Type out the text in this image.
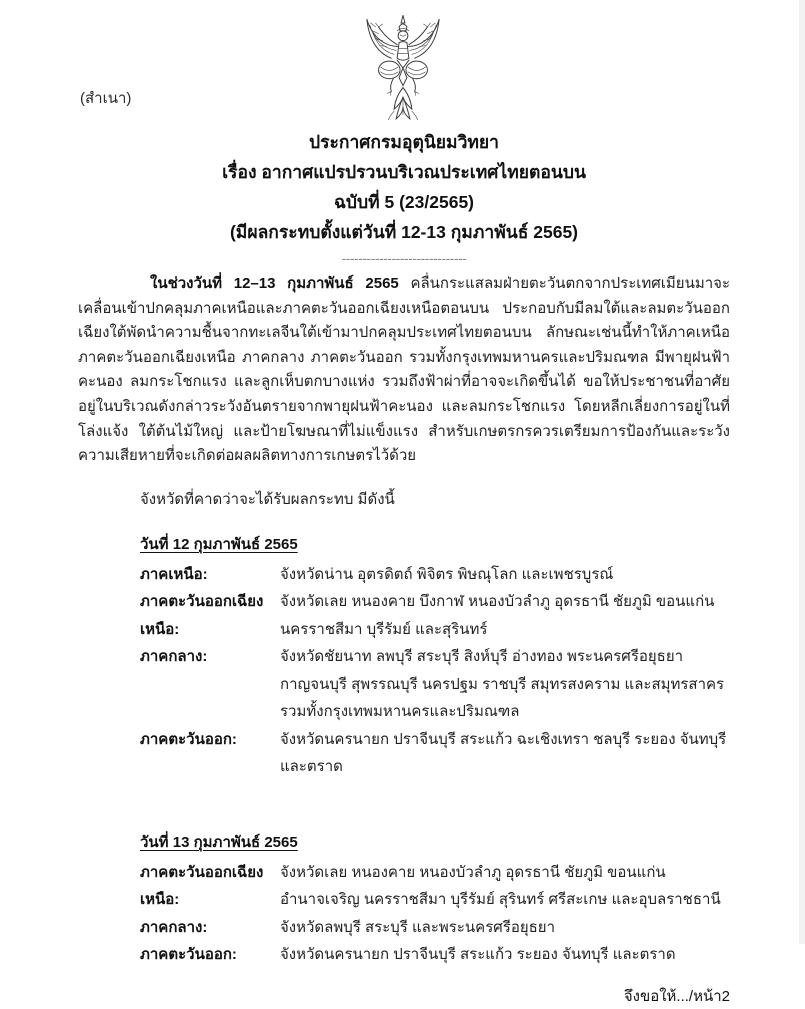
(สำเนา)
ประกาศกรมอุตุนิยมวิทยา
เรื่อง อากาศแปรปรวนบริเวณประเทศไทยตอนบน
ฉบับที่ 5 (23/2565)
(มีผลกระทบตั้งแต่วันที่ 12-13 กุมภาพันธ์ 2565)
------------------------------

ในช่วงวันที่ 12–13 กุมภาพันธ์ 2565 คลื่นกระแสลมฝ่ายตะวันตกจากประเทศเมียนมาจะเคลื่อนเข้าปกคลุมภาคเหนือและภาคตะวันออกเฉียงเหนือตอนบน ประกอบกับมีลมใต้และลมตะวันออกเฉียงใต้พัดนำความชื้นจากทะเลจีนใต้เข้ามาปกคลุมประเทศไทยตอนบน ลักษณะเช่นนี้ทำให้ภาคเหนือ ภาคตะวันออกเฉียงเหนือ ภาคกลาง ภาคตะวันออก รวมทั้งกรุงเทพมหานครและปริมณฑล มีพายุฝนฟ้าคะนอง ลมกระโชกแรง และลูกเห็บตกบางแห่ง รวมถึงฟ้าผ่าที่อาจจะเกิดขึ้นได้ ขอให้ประชาชนที่อาศัยอยู่ในบริเวณดังกล่าวระวังอันตรายจากพายุฝนฟ้าคะนอง และลมกระโชกแรง โดยหลีกเลี่ยงการอยู่ในที่โล่งแจ้ง ใต้ต้นไม้ใหญ่ และป้ายโฆษณาที่ไม่แข็งแรง สำหรับเกษตรกรควรเตรียมการป้องกันและระวังความเสียหายที่จะเกิดต่อผลผลิตทางการเกษตรไว้ด้วย

จังหวัดที่คาดว่าจะได้รับผลกระทบ มีดังนี้
วันที่ 12 กุมภาพันธ์ 2565
ภาคเหนือ:	จังหวัดน่าน อุตรดิตถ์ พิจิตร พิษณุโลก และเพชรบูรณ์
ภาคตะวันออกเฉียงเหนือ:
จังหวัดเลย หนองคาย บึงกาฬ หนองบัวลำภู อุดรธานี ชัยภูมิ ขอนแก่น นครราชสีมา บุรีรัมย์ และสุรินทร์
ภาคกลาง:	จังหวัดชัยนาท ลพบุรี สระบุรี สิงห์บุรี อ่างทอง พระนครศรีอยุธยา กาญจนบุรี สุพรรณบุรี นครปฐม ราชบุรี สมุทรสงคราม และสมุทรสาคร รวมทั้งกรุงเทพมหานครและปริมณฑล
ภาคตะวันออก:	จังหวัดนครนายก ปราจีนบุรี สระแก้ว ฉะเชิงเทรา ชลบุรี ระยอง จันทบุรี และตราด
วันที่ 13 กุมภาพันธ์ 2565
ภาคตะวันออกเฉียงเหนือ:
จังหวัดเลย หนองคาย หนองบัวลำภู อุดรธานี ชัยภูมิ ขอนแก่น อำนาจเจริญ นครราชสีมา บุรีรัมย์ สุรินทร์ ศรีสะเกษ และอุบลราชธานี
ภาคกลาง:	จังหวัดลพบุรี สระบุรี และพระนครศรีอยุธยา
ภาคตะวันออก:	จังหวัดนครนายก ปราจีนบุรี สระแก้ว ระยอง จันทบุรี และตราด
จึงขอให้.../หน้า2
